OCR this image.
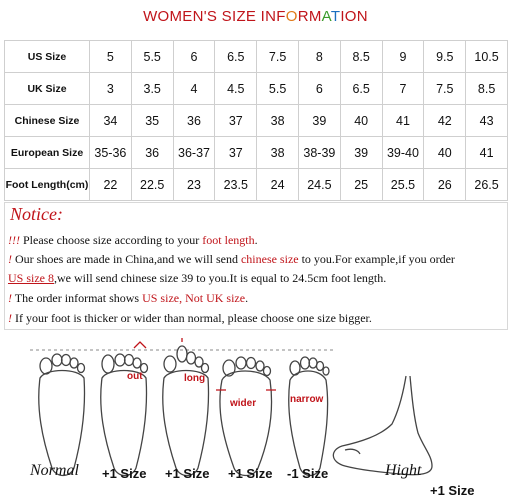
WOMEN'S SIZE INFORMATION
US Size	5	5.5	6	6.5	7.5	8	8.5	9	9.5	10.5
UK Size	3	3.5	4	4.5	5.5	6	6.5	7	7.5	8.5
Chinese Size	34	35	36	37	38	39	40	41	42	43
European Size	35-36	36	36-37	37	38	38-39	39	39-40	40	41
Foot Length(cm)	22	22.5	23	23.5	24	24.5	25	25.5	26	26.5
Notice:
!!! Please choose size according to your foot length.
! Our shoes are made in China,and we will send chinese size to you.For example,if you order
US size 8,we will send chinese size 39 to you.It is equal to 24.5cm foot length.
! The order informat shows US size, Not UK size.
! If your foot is thicker or wider than normal, please choose one size bigger.
out	long
wider	narrow
Normal +1 Size +1 Size +1 Size -1 Size	Hight
+1 Size
